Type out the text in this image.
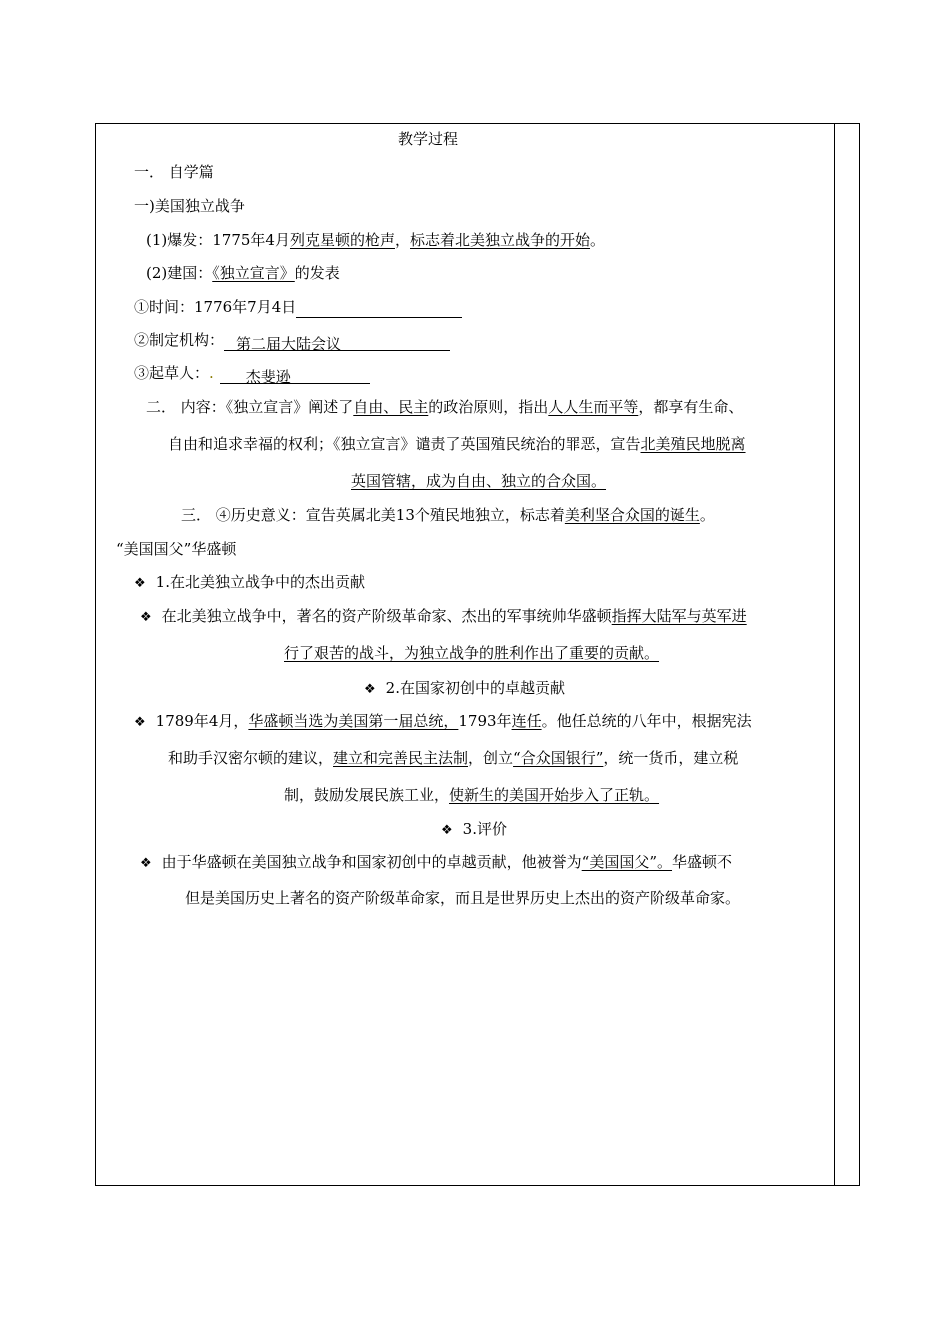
教学过程
一． 自学篇
一)美国独立战争
(1)爆发：1775年4月列克星顿的枪声，标志着北美独立战争的开始。
(2)建国：《独立宣言》的发表
①时间：1776年7月4日
②制定机构： 第二届大陆会议
③起草人：. 杰斐逊
二． 内容：《独立宣言》阐述了自由、民主的政治原则，指出人人生而平等，都享有生命、
自由和追求幸福的权利；《独立宣言》谴责了英国殖民统治的罪恶，宣告北美殖民地脱离
英国管辖，成为自由、独立的合众国。
三． ④历史意义：宣告英属北美13个殖民地独立，标志着美利坚合众国的诞生。
“美国国父”华盛顿
❖ 1.在北美独立战争中的杰出贡献
❖ 在北美独立战争中，著名的资产阶级革命家、杰出的军事统帅华盛顿指挥大陆军与英军进
行了艰苦的战斗，为独立战争的胜利作出了重要的贡献。
❖ 2.在国家初创中的卓越贡献
❖ 1789年4月，华盛顿当选为美国第一届总统，1793年连任。他任总统的八年中，根据宪法
和助手汉密尔顿的建议，建立和完善民主法制，创立“合众国银行”，统一货币，建立税
制，鼓励发展民族工业，使新生的美国开始步入了正轨。
❖ 3.评价
❖ 由于华盛顿在美国独立战争和国家初创中的卓越贡献，他被誉为“美国国父”。华盛顿不
但是美国历史上著名的资产阶级革命家，而且是世界历史上杰出的资产阶级革命家。
